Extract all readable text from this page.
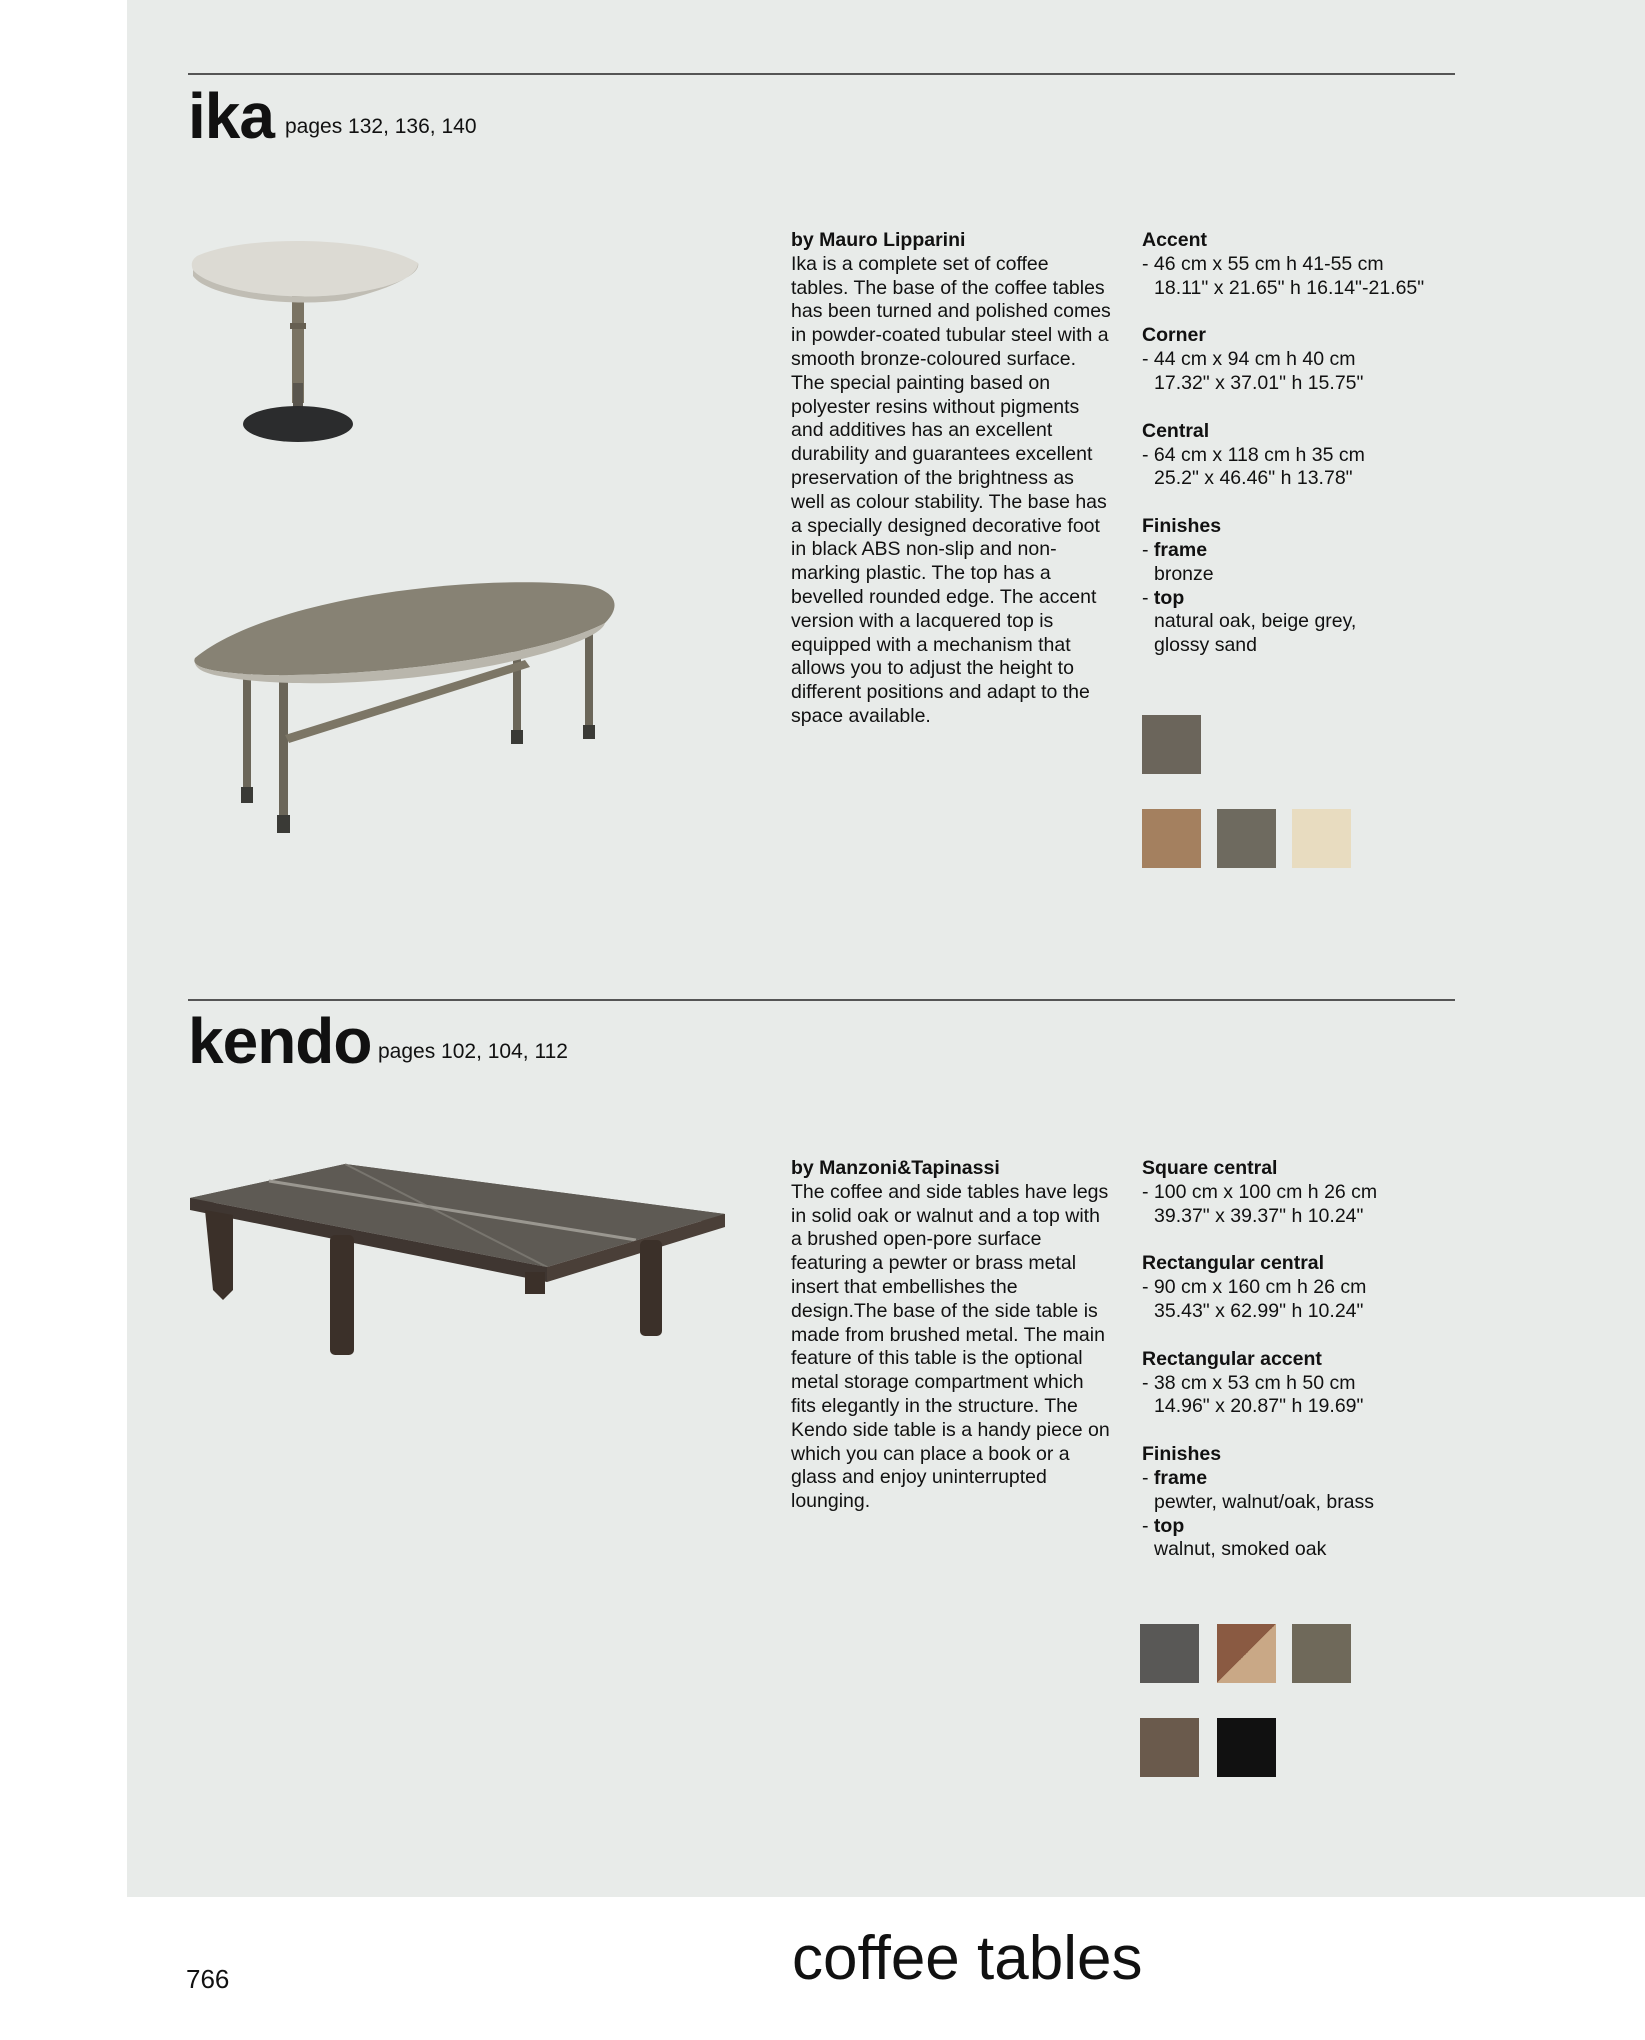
ika pages 132, 136, 140
by Mauro Lipparini
Ika is a complete set of coffee tables. The base of the coffee tables has been turned and polished comes in powder-coated tubular steel with a smooth bronze-coloured surface. The special painting based on polyester resins without pigments and additives has an excellent durability and guarantees excellent preservation of the brightness as well as colour stability. The base has a specially designed decorative foot in black ABS non-slip and non-marking plastic. The top has a bevelled rounded edge. The accent version with a lacquered top is equipped with a mechanism that allows you to adjust the height to different positions and adapt to the space available.
Accent
- 46 cm x 55 cm h 41-55 cm
18.11" x 21.65" h 16.14"-21.65"
Corner
- 44 cm x 94 cm h 40 cm
17.32" x 37.01" h 15.75"
Central
- 64 cm x 118 cm h 35 cm
25.2" x 46.46" h 13.78"
Finishes
- frame
bronze
- top
natural oak, beige grey,
glossy sand
kendo pages 102, 104, 112
by Manzoni&Tapinassi
The coffee and side tables have legs in solid oak or walnut and a top with a brushed open-pore surface featuring a pewter or brass metal insert that embellishes the design.The base of the side table is made from brushed metal. The main feature of this table is the optional metal storage compartment which fits elegantly in the structure. The Kendo side table is a handy piece on which you can place a book or a glass and enjoy uninterrupted lounging.
Square central
- 100 cm x 100 cm h 26 cm
39.37" x 39.37" h 10.24"
Rectangular central
- 90 cm x 160 cm h 26 cm
35.43" x 62.99" h 10.24"
Rectangular accent
- 38 cm x 53 cm h 50 cm
14.96" x 20.87" h 19.69"
Finishes
- frame
pewter, walnut/oak, brass
- top
walnut, smoked oak
766	coffee tables
